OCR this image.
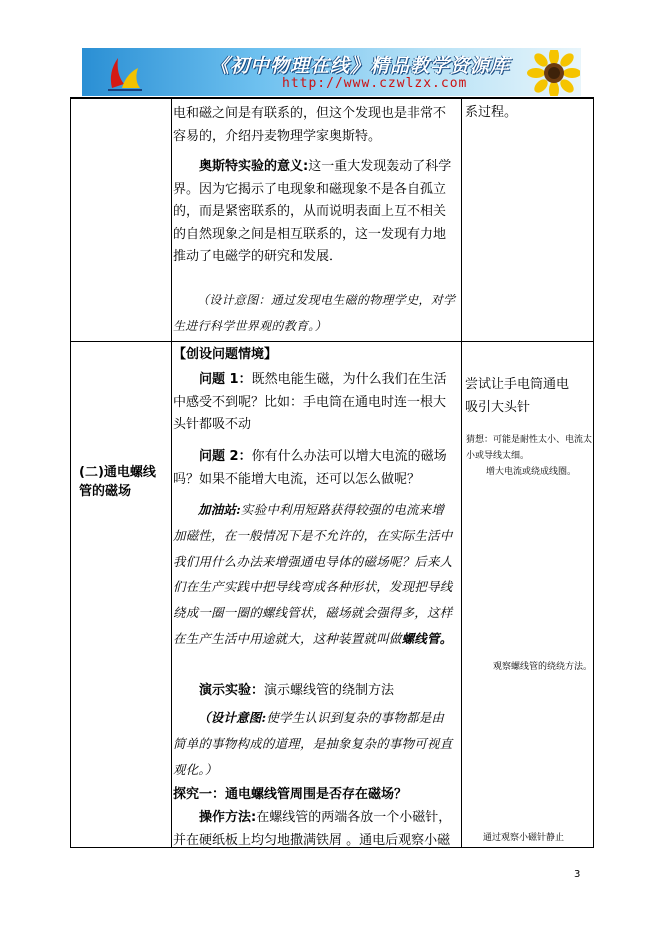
《初中物理在线》精品教学资源库
http://www.czwlzx.com
电和磁之间是有联系的，但这个发现也是非常不容易的，介绍丹麦物理学家奥斯特。
奥斯特实验的意义:这一重大发现轰动了科学界。因为它揭示了电现象和磁现象不是各自孤立的，而是紧密联系的，从而说明表面上互不相关的自然现象之间是相互联系的，这一发现有力地推动了电磁学的研究和发展．
（设计意图：通过发现电生磁的物理学史，对学生进行科学世界观的教育。）
系过程。
(二)通电螺线管的磁场
【创设问题情境】
问题 1：既然电能生磁，为什么我们在生活中感受不到呢？比如：手电筒在通电时连一根大头针都吸不动
问题 2：你有什么办法可以增大电流的磁场吗？如果不能增大电流，还可以怎么做呢？
加油站:实验中利用短路获得较强的电流来增加磁性，在一般情况下是不允许的，在实际生活中我们用什么办法来增强通电导体的磁场呢？后来人们在生产实践中把导线弯成各种形状，发现把导线绕成一圈一圈的螺线管状，磁场就会强得多，这样在生产生活中用途就大，这种装置就叫做螺线管。
演示实验：演示螺线管的绕制方法
（设计意图:使学生认识到复杂的事物都是由简单的事物构成的道理，是抽象复杂的事物可视直观化。）
探究一：通电螺线管周围是否存在磁场？
操作方法:在螺线管的两端各放一个小磁针，并在硬纸板上均匀地撒满铁屑 。通电后观察小磁
尝试让手电筒通电吸引大头针
猜想：可能是耐性太小、电流太小或导线太细。
增大电流或绕成线圈。
观察螺线管的绕绕方法。
通过观察小磁针静止
3
